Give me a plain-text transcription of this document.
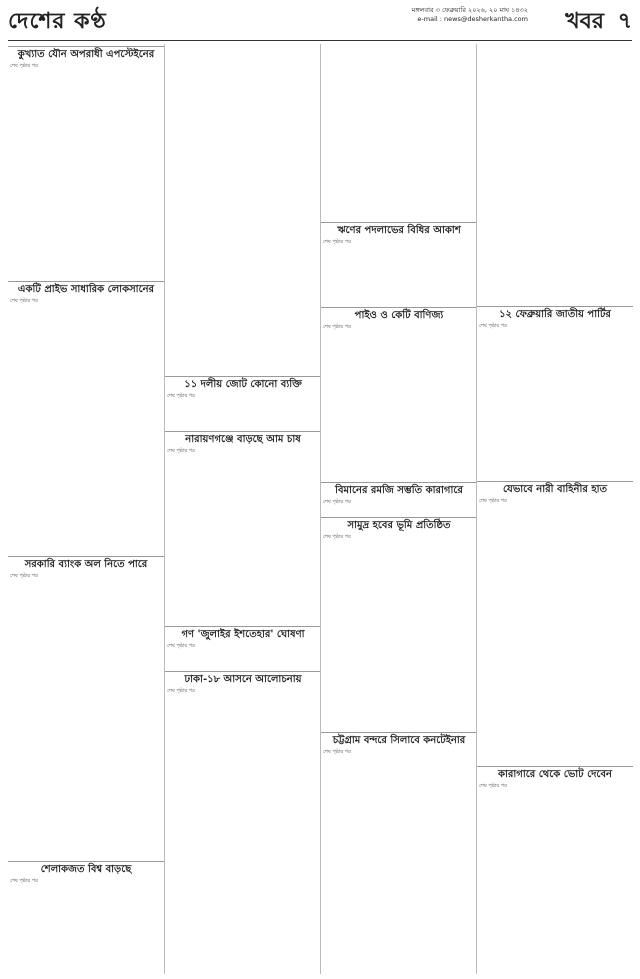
দেশের কণ্ঠ	মঙ্গলবার ৩ ফেব্রুয়ারি ২০২৬, ২০ মাঘ ১৪৩২
e-mail : news@desherkantha.com খবর ৭
কুখ্যাত যৌন অপরাধী এপস্টেইনের
শেষ পৃষ্ঠার পর
একটি প্রাইভ সাধারিক লোকসানের
শেষ পৃষ্ঠার পর
সরকারি ব্যাংক অল নিতে পারে
শেষ পৃষ্ঠার পর
শেলাকজত বিশ্ব বাড়ছে
শেষ পৃষ্ঠার পর
১১ দলীয় জোট কোনো ব্যক্তি
শেষ পৃষ্ঠার পর
নারায়ণগঞ্জে বাড়ছে আম চাষ
শেষ পৃষ্ঠার পর
গণ 'জুলাইর ইশতেহার' ঘোষণা
শেষ পৃষ্ঠার পর
ঢাকা-১৮ আসনে আলোচনায়
শেষ পৃষ্ঠার পর
ঋণের পদলাভের বিধির আকাশ
শেষ পৃষ্ঠার পর
পাইও ও কেটি বাণিজ্য
শেষ পৃষ্ঠার পর
বিমানের রমজি সম্ভতি কারাগারে
শেষ পৃষ্ঠার পর
সামুদ্র হবের ভূমি প্রতিষ্ঠিত
শেষ পৃষ্ঠার পর
চট্টগ্রাম বন্দরে সিলাবে কনটেইনার
শেষ পৃষ্ঠার পর
১২ ফেব্রুয়ারি জাতীয় পার্টির
শেষ পৃষ্ঠার পর
যেভাবে নারী বাহিনীর হাত
শেষ পৃষ্ঠার পর
কারাগারে থেকে ভোট দেবেন
শেষ পৃষ্ঠার পর
